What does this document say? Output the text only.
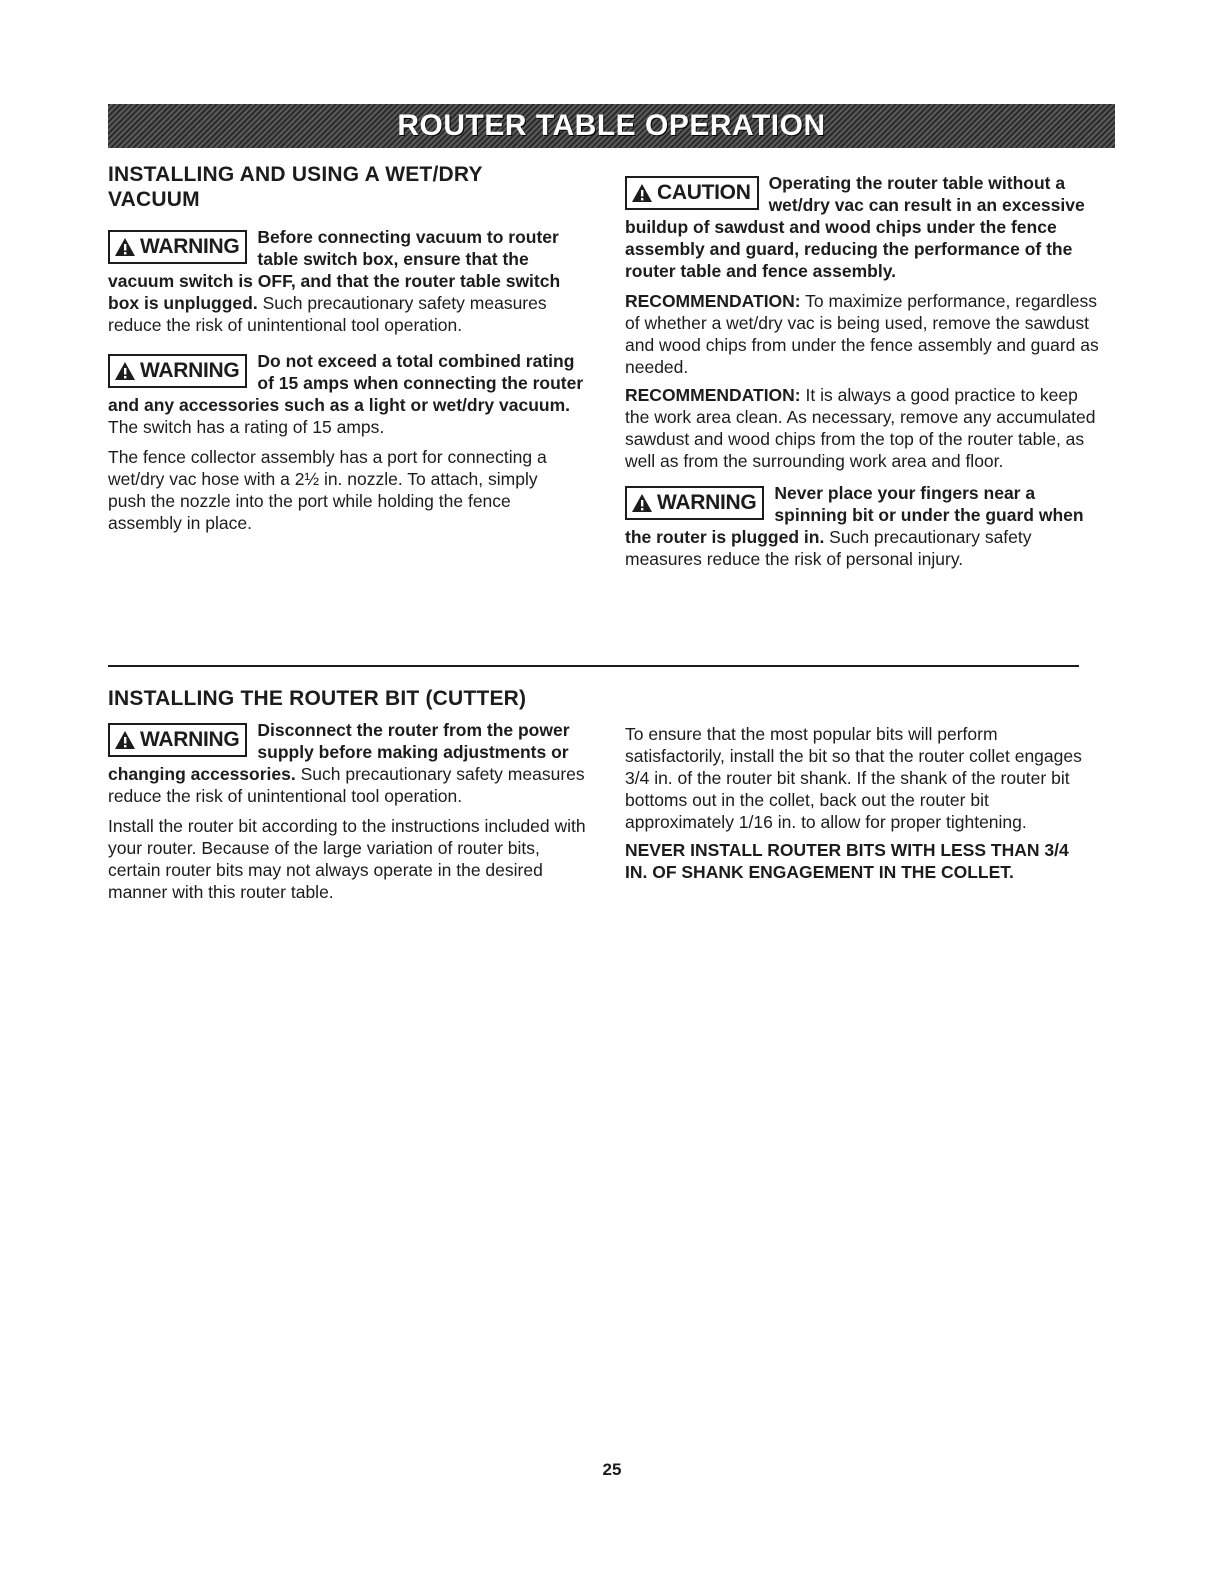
ROUTER TABLE OPERATION
INSTALLING AND USING A WET/DRY VACUUM
WARNING Before connecting vacuum to router table switch box, ensure that the vacuum switch is OFF, and that the router table switch box is unplugged. Such precautionary safety measures reduce the risk of unintentional tool operation.
WARNING Do not exceed a total combined rating of 15 amps when connecting the router and any accessories such as a light or wet/dry vacuum. The switch has a rating of 15 amps.

The fence collector assembly has a port for connecting a wet/dry vac hose with a 2½ in. nozzle. To attach, simply push the nozzle into the port while holding the fence assembly in place.

CAUTION Operating the router table without a wet/dry vac can result in an excessive buildup of sawdust and wood chips under the fence assembly and guard, reducing the performance of the router table and fence assembly.

RECOMMENDATION: To maximize performance, regardless of whether a wet/dry vac is being used, remove the sawdust and wood chips from under the fence assembly and guard as needed.

RECOMMENDATION: It is always a good practice to keep the work area clean. As necessary, remove any accumulated sawdust and wood chips from the top of the router table, as well as from the surrounding work area and floor.

WARNING Never place your fingers near a spinning bit or under the guard when the router is plugged in. Such precautionary safety measures reduce the risk of personal injury.
INSTALLING THE ROUTER BIT (CUTTER)
WARNING Disconnect the router from the power supply before making adjustments or changing accessories. Such precautionary safety measures reduce the risk of unintentional tool operation.

Install the router bit according to the instructions included with your router. Because of the large variation of router bits, certain router bits may not always operate in the desired manner with this router table.

To ensure that the most popular bits will perform satisfactorily, install the bit so that the router collet engages 3/4 in. of the router bit shank. If the shank of the router bit bottoms out in the collet, back out the router bit approximately 1/16 in. to allow for proper tightening.

NEVER INSTALL ROUTER BITS WITH LESS THAN 3/4 IN. OF SHANK ENGAGEMENT IN THE COLLET.

25
